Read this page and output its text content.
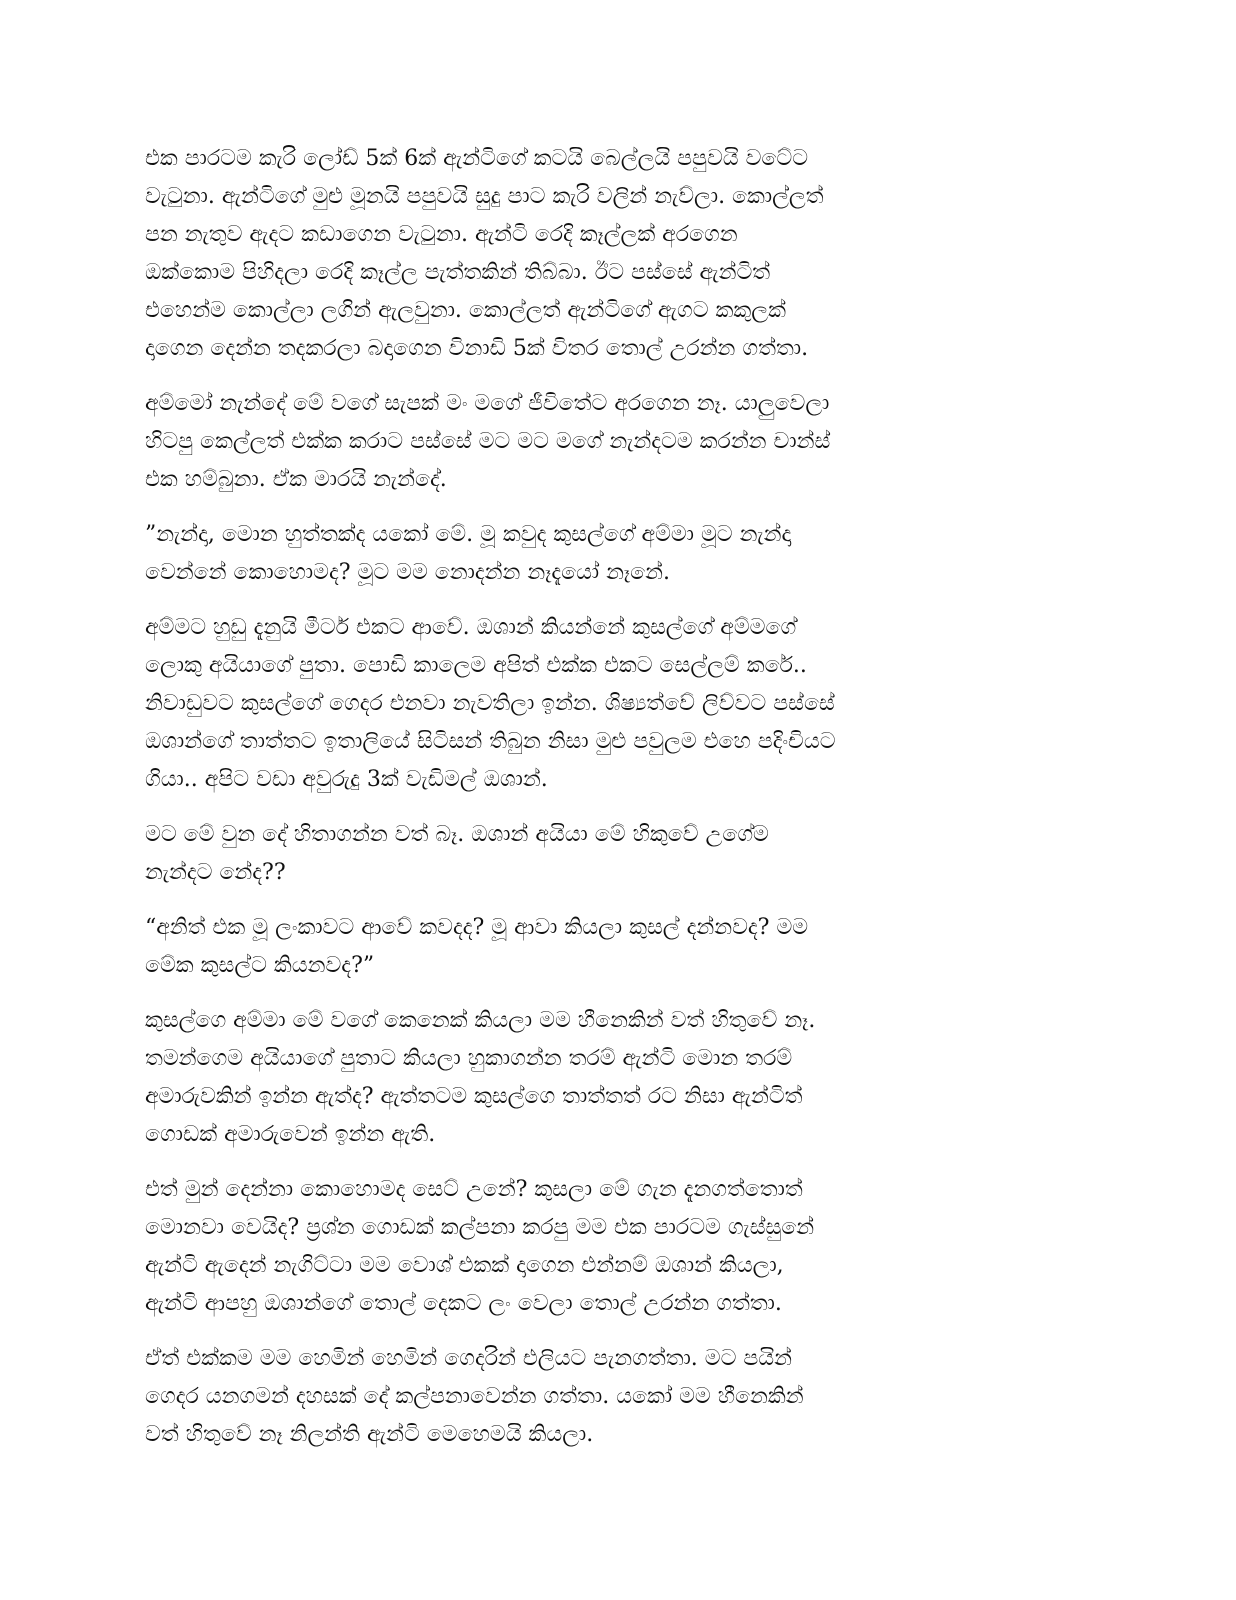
එක පාරටම කැරි ලෝඩ් 5ක් 6ක් ඇන්ටිගේ කටයි බෙල්ලයි පපුවයි වටේට
වැටුනා. ඇන්ටිගේ මුළු මූනයි පපුවයි සුදු පාට කැරි වලින් නැව්ලා. කොල්ලත්
පන නැතුව ඇදට කඩාගෙන වැටුනා. ඇන්ටි රෙදි කෑල්ලක් අරගෙන
ඔක්කොම පිහිදලා රෙදි කෑල්ල පැත්තකින් තිබ්බා. ඊට පස්සේ ඇන්ටිත්
එහෙන්ම කොල්ලා ලගින් ඇලවුනා. කොල්ලත් ඇන්ටිගේ ඇගට කකුලක්
දාගෙන දෙන්න තදකරලා බදාගෙන විනාඩි 5ක් විතර තොල් උරන්න ගත්තා.

අම්මෝ නැන්දේ මේ වගේ සැපක් මං මගේ ජීවිතේට අරගෙන නෑ. යාලුවෙලා
හිටපු කෙල්ලත් එක්ක කරාට පස්සේ මට මට මගේ නැන්දටම කරන්න චාන්ස්
එක හම්බුනා. ඒක මාරයි නැන්දේ.

”නැන්දා, මොන හුත්තක්ද යකෝ මේ. මූ කවුද කුසල්ගේ අම්මා මූට නැන්දා
වෙන්නේ කොහොමද? මූට මම නොදන්න නෑදැයෝ නෑනේ.

අම්මට හුඩු දැනුයි මීටර් එකට ආවේ. ඔශාන් කියන්නේ කුසල්ගේ අම්මගේ
ලොකු අයියාගේ පුතා. පොඩි කාලෙම අපිත් එක්ක එකට සෙල්ලම් කරේ..
නිවාඩුවට කුසල්ගේ ගෙදර එනවා නැවතිලා ඉන්න. ශිෂ්‍යත්වේ ලිව්වට පස්සේ
ඔශාන්ගේ තාත්තට ඉතාලියේ සිටිසන් තිබුන නිසා මුළු පවුලම එහෙ පදිංචියට
ගියා.. අපිට වඩා අවුරුදු 3ක් වැඩිමල් ඔශාන්.

මට මේ වුන දේ හිතාගන්න වත් බෑ. ඔශාන් අයියා මේ හිකුවේ උගේම
නැන්දට නේද??

“අනිත් එක මූ ලංකාවට ආවේ කවදද? මූ ආවා කියලා කුසල් දන්නවද? මම
මේක කුසල්ට කියනවද?”

කුසල්ගෙ අම්මා මේ වගේ කෙනෙක් කියලා මම හීනෙකින් වත් හිතුවේ නෑ.
තමන්ගෙම අයියාගේ පුතාට කියලා හුකාගන්න තරම් ඇන්ටි මොන තරම්
අමාරුවකින් ඉන්න ඇත්ද? ඇත්තටම කුසල්ගෙ තාත්තත් රට නිසා ඇන්ටිත්
ගොඩක් අමාරුවෙන් ඉන්න ඇති.

එත් මුන් දෙන්නා කොහොමද සෙට් උනේ? කුසලා මේ ගැන දැනගත්තොත්
මොනවා වෙයිද? ප්‍රශ්න ගොඩක් කල්පනා කරපු මම එක පාරටම ගැස්සුනේ
ඇන්ටි ඇදෙන් නැගිට්ටා මම වොශ් එකක් දාගෙන එන්නම් ඔශාන් කියලා,
ඇන්ටි ආපහු ඔශාන්ගේ තොල් දෙකට ලං වෙලා තොල් උරන්න ගත්තා.

ඒත් එක්කම මම හෙමින් හෙමින් ගෙදරින් එලියට පැනගත්තා. මට පයින්
ගෙදර යනගමන් දහසක් දේ කල්පනාවෙන්න ගත්තා. යකෝ මම හීනෙකින්
වත් හිතුවේ නෑ නිලන්ති ඇන්ටි මෙහෙමයි කියලා.
